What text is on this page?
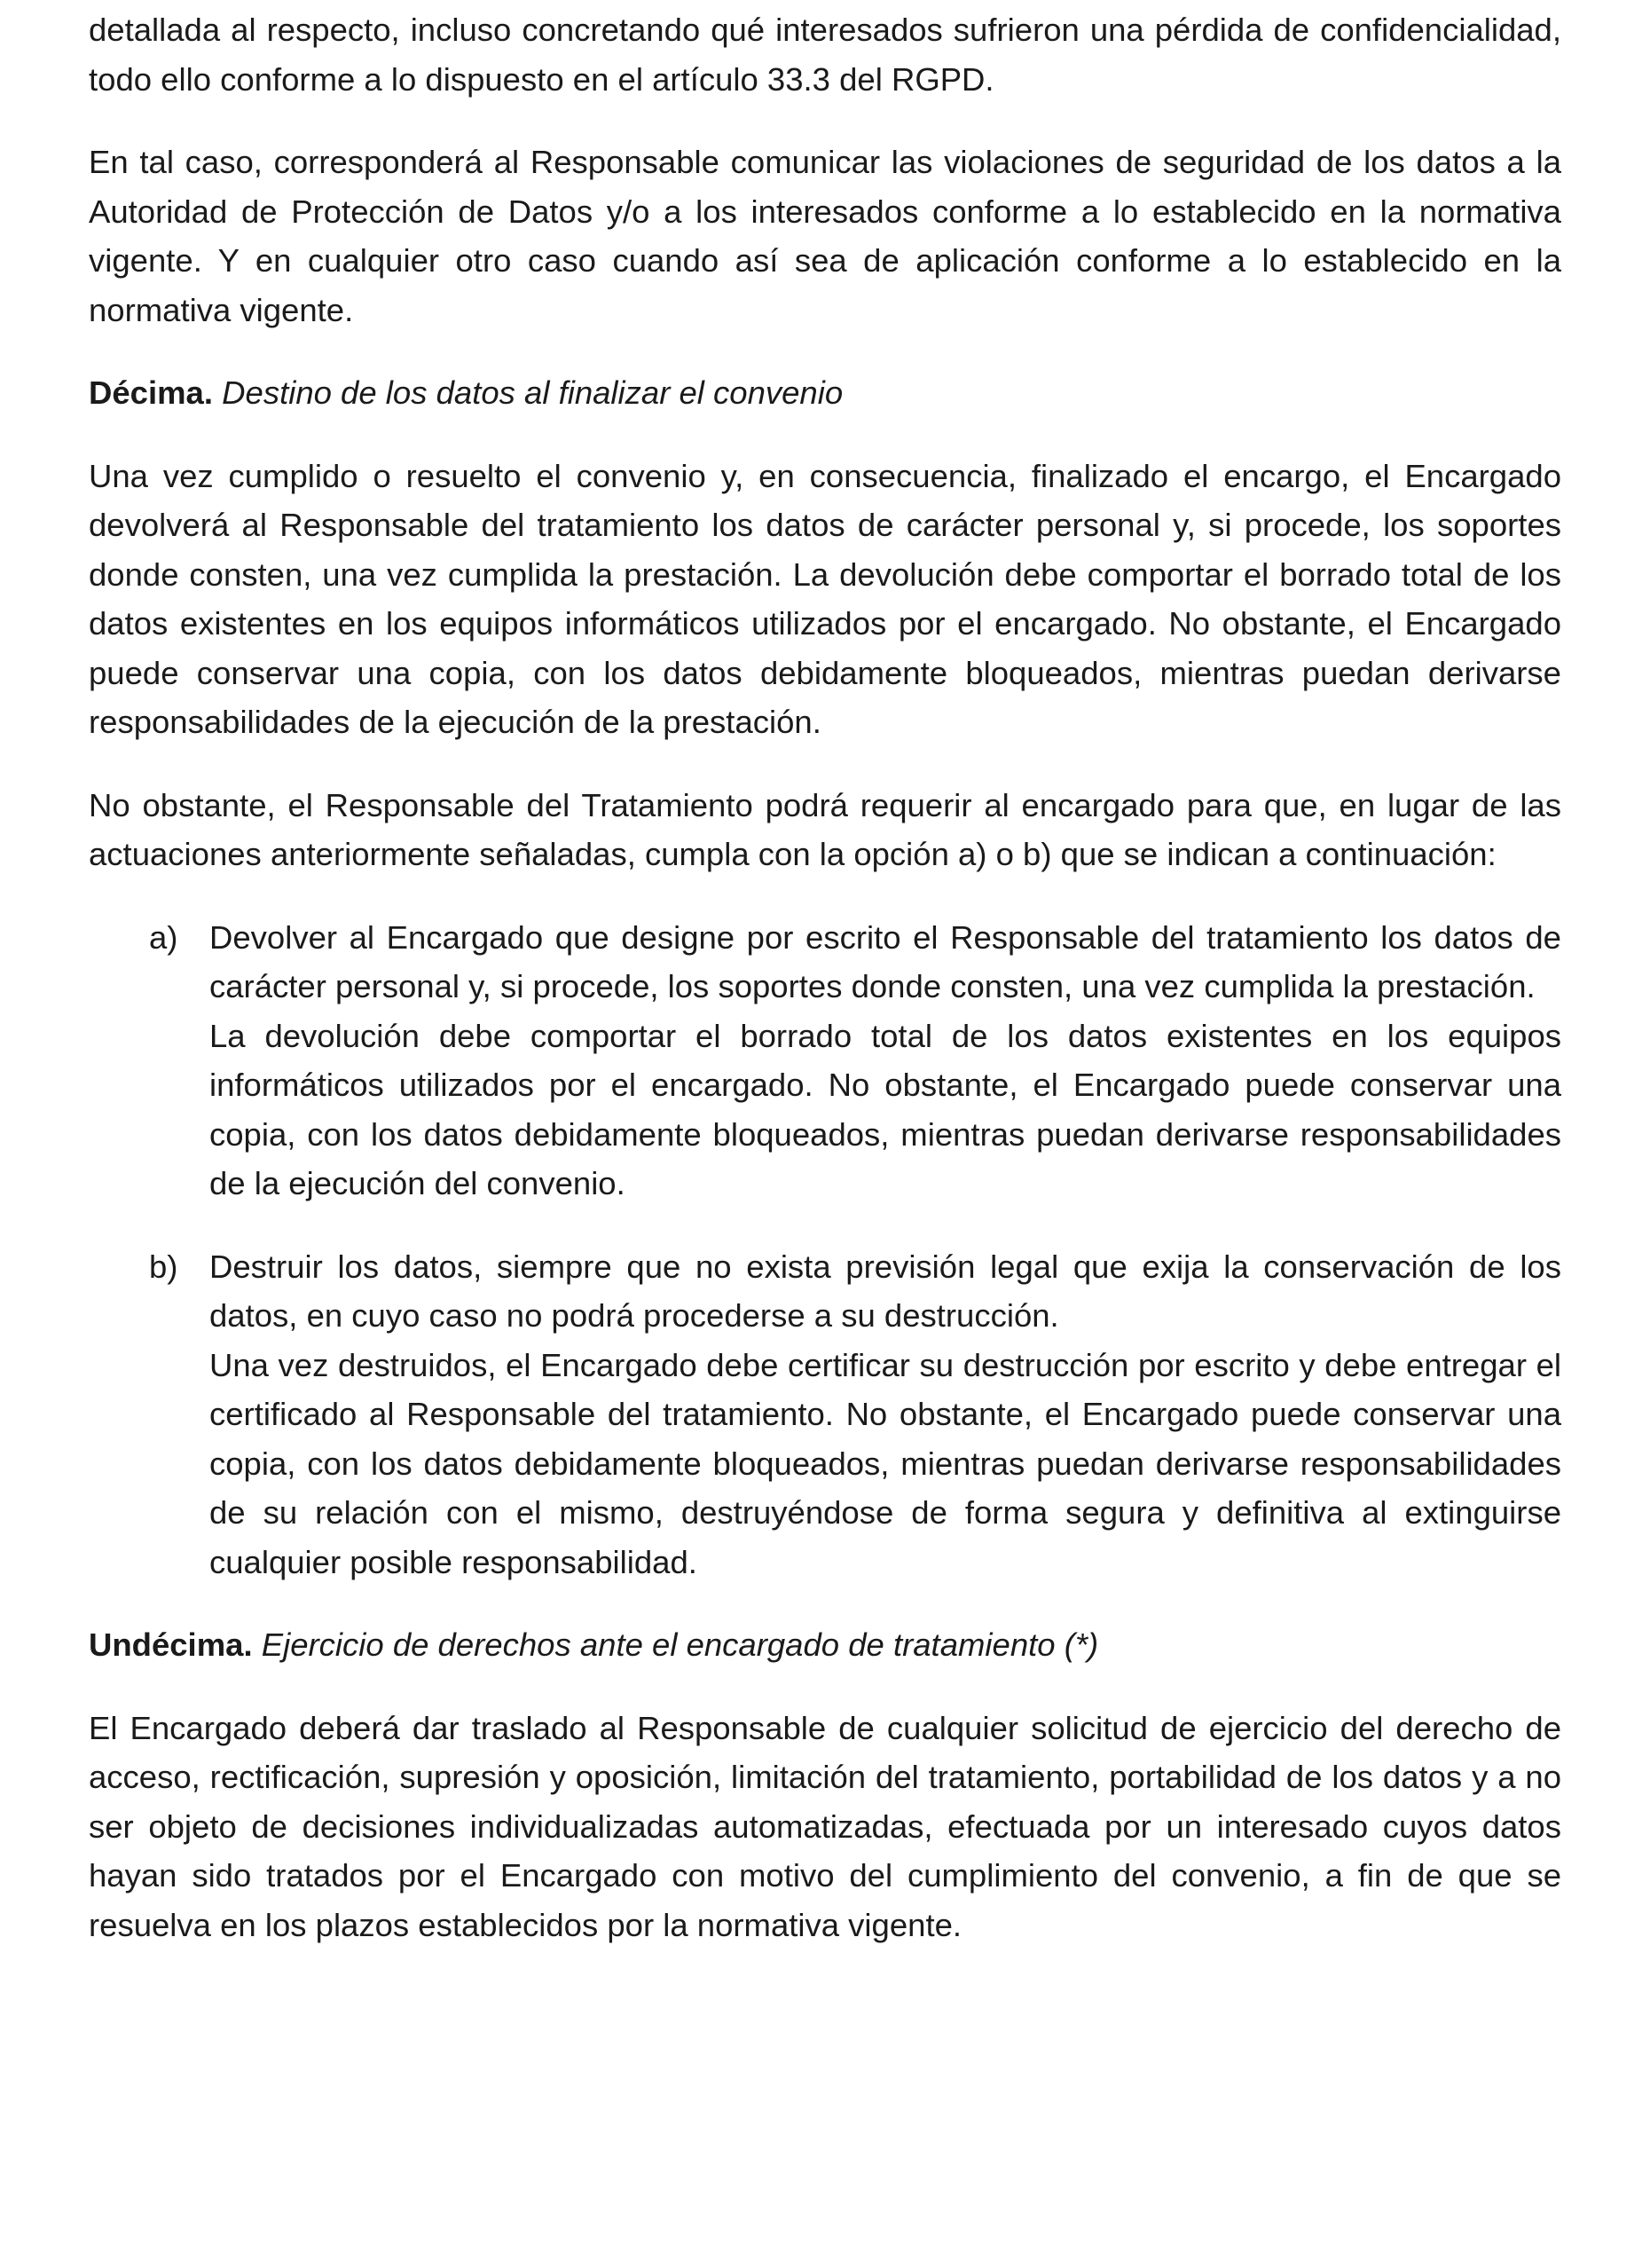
detallada al respecto, incluso concretando qué interesados sufrieron una pérdida de confidencialidad, todo ello conforme a lo dispuesto en el artículo 33.3 del RGPD.

En tal caso, corresponderá al Responsable comunicar las violaciones de seguridad de los datos a la Autoridad de Protección de Datos y/o a los interesados conforme a lo establecido en la normativa vigente. Y en cualquier otro caso cuando así sea de aplicación conforme a lo establecido en la normativa vigente.

Décima. Destino de los datos al finalizar el convenio

Una vez cumplido o resuelto el convenio y, en consecuencia, finalizado el encargo, el Encargado devolverá al Responsable del tratamiento los datos de carácter personal y, si procede, los soportes donde consten, una vez cumplida la prestación. La devolución debe comportar el borrado total de los datos existentes en los equipos informáticos utilizados por el encargado. No obstante, el Encargado puede conservar una copia, con los datos debidamente bloqueados, mientras puedan derivarse responsabilidades de la ejecución de la prestación.

No obstante, el Responsable del Tratamiento podrá requerir al encargado para que, en lugar de las actuaciones anteriormente señaladas, cumpla con la opción a) o b) que se indican a continuación:

a) Devolver al Encargado que designe por escrito el Responsable del tratamiento los datos de carácter personal y, si procede, los soportes donde consten, una vez cumplida la prestación.

La devolución debe comportar el borrado total de los datos existentes en los equipos informáticos utilizados por el encargado. No obstante, el Encargado puede conservar una copia, con los datos debidamente bloqueados, mientras puedan derivarse responsabilidades de la ejecución del convenio.

b) Destruir los datos, siempre que no exista previsión legal que exija la conservación de los datos, en cuyo caso no podrá procederse a su destrucción.

Una vez destruidos, el Encargado debe certificar su destrucción por escrito y debe entregar el certificado al Responsable del tratamiento. No obstante, el Encargado puede conservar una copia, con los datos debidamente bloqueados, mientras puedan derivarse responsabilidades de su relación con el mismo, destruyéndose de forma segura y definitiva al extinguirse cualquier posible responsabilidad.

Undécima. Ejercicio de derechos ante el encargado de tratamiento (*)

El Encargado deberá dar traslado al Responsable de cualquier solicitud de ejercicio del derecho de acceso, rectificación, supresión y oposición, limitación del tratamiento, portabilidad de los datos y a no ser objeto de decisiones individualizadas automatizadas, efectuada por un interesado cuyos datos hayan sido tratados por el Encargado con motivo del cumplimiento del convenio, a fin de que se resuelva en los plazos establecidos por la normativa vigente.
